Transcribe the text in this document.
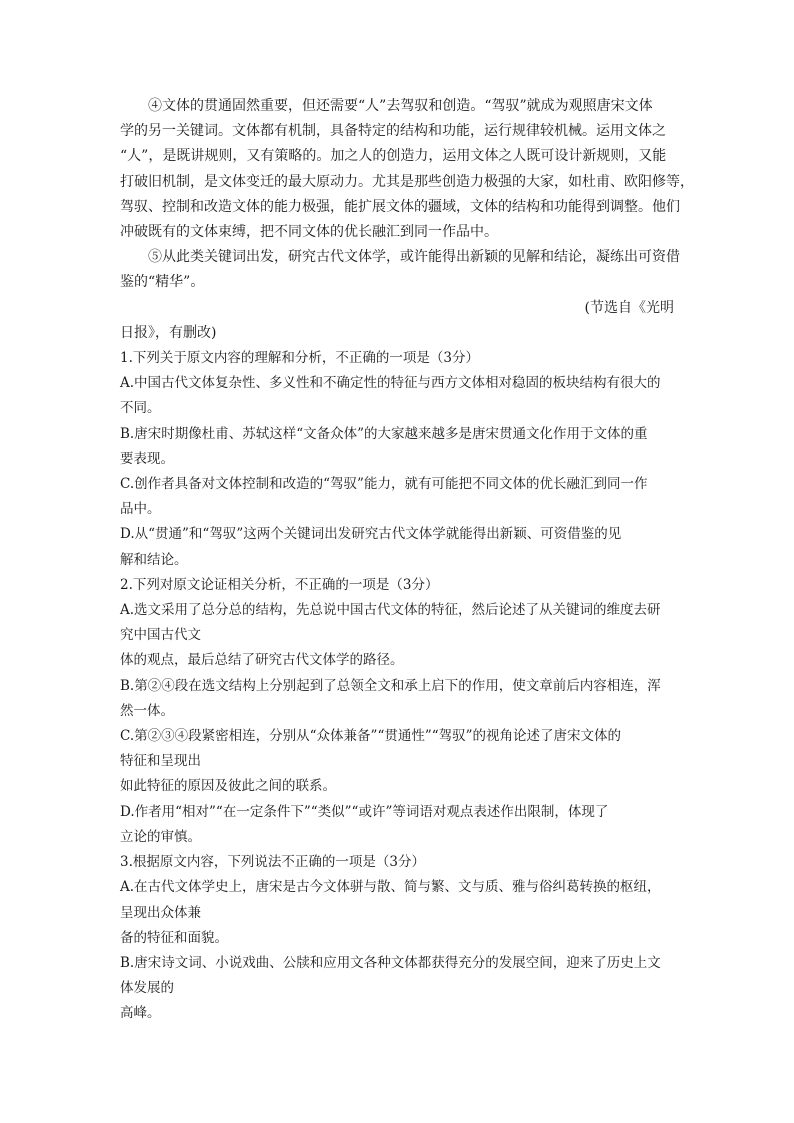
④文体的贯通固然重要，但还需要“人”去驾驭和创造。“驾驭”就成为观照唐宋文体

学的另一关键词。文体都有机制，具备特定的结构和功能，运行规律较机械。运用文体之

“人”，是既讲规则，又有策略的。加之人的创造力，运用文体之人既可设计新规则，又能

打破旧机制，是文体变迁的最大原动力。尤其是那些创造力极强的大家，如杜甫、欧阳修等，

驾驭、控制和改造文体的能力极强，能扩展文体的疆域，文体的结构和功能得到调整。他们

冲破既有的文体束缚，把不同文体的优长融汇到同一作品中。

⑤从此类关键词出发，研究古代文体学，或许能得出新颖的见解和结论，凝练出可资借

鉴的“精华”。

(节选自《光明

日报》，有删改)

1.下列关于原文内容的理解和分析，不正确的一项是（3分）

A.中国古代文体复杂性、多义性和不确定性的特征与西方文体相对稳固的板块结构有很大的

不同。

B.唐宋时期像杜甫、苏轼这样“文备众体”的大家越来越多是唐宋贯通文化作用于文体的重

要表现。

C.创作者具备对文体控制和改造的“驾驭”能力，就有可能把不同文体的优长融汇到同一作

品中。

D.从“贯通”和“驾驭”这两个关键词出发研究古代文体学就能得出新颖、可资借鉴的见

解和结论。

2.下列对原文论证相关分析，不正确的一项是（3分）

A.选文采用了总分总的结构，先总说中国古代文体的特征，然后论述了从关键词的维度去研

究中国古代文

体的观点，最后总结了研究古代文体学的路径。

B.第②④段在选文结构上分别起到了总领全文和承上启下的作用，使文章前后内容相连，浑

然一体。

C.第②③④段紧密相连，分别从“众体兼备”“贯通性”“驾驭”的视角论述了唐宋文体的

特征和呈现出

如此特征的原因及彼此之间的联系。

D.作者用“相对”“在一定条件下”“类似”“或许”等词语对观点表述作出限制，体现了

立论的审慎。

3.根据原文内容，下列说法不正确的一项是（3分）

A.在古代文体学史上，唐宋是古今文体骈与散、简与繁、文与质、雅与俗纠葛转换的枢纽，

呈现出众体兼

备的特征和面貌。

B.唐宋诗文词、小说戏曲、公牍和应用文各种文体都获得充分的发展空间，迎来了历史上文

体发展的

高峰。
